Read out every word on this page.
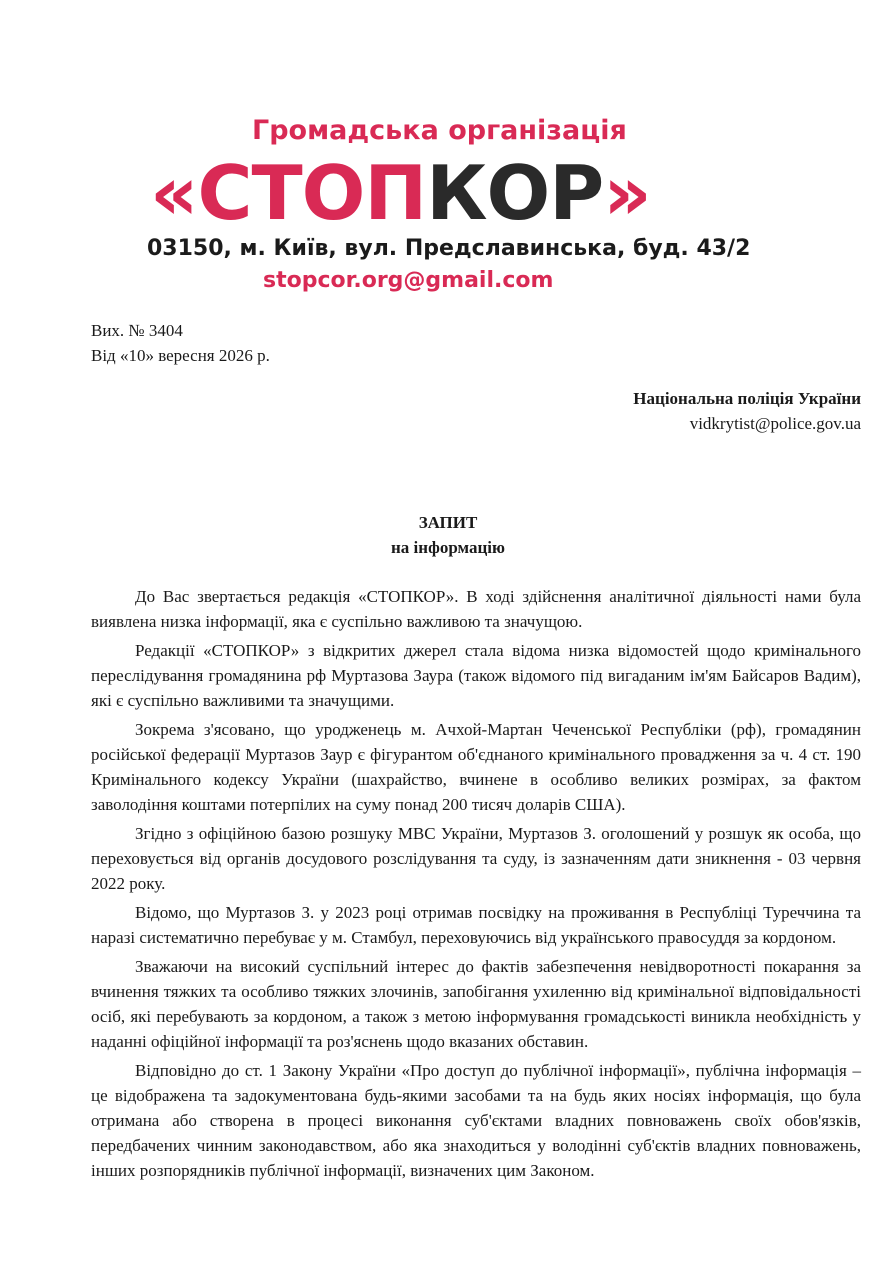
Громадська організація
«СТОПКОР»
03150, м. Київ, вул. Предславинська, буд. 43/2
stopcor.org@gmail.com
Вих. № 3404
Від «10» вересня 2026 р.
Національна поліція України
vidkrytist@police.gov.ua
ЗАПИТ
на інформацію

До Вас звертається редакція «СТОПКОР». В ході здійснення аналітичної діяльності нами була виявлена низка інформації, яка є суспільно важливою та значущою.

Редакції «СТОПКОР» з відкритих джерел стала відома низка відомостей щодо кримінального переслідування громадянина рф Муртазова Заура (також відомого під вигаданим ім'ям Байсаров Вадим), які є суспільно важливими та значущими.

Зокрема з'ясовано, що уродженець м. Ачхой-Мартан Чеченської Республіки (рф), громадянин російської федерації Муртазов Заур є фігурантом об'єднаного кримінального провадження за ч. 4 ст. 190 Кримінального кодексу України (шахрайство, вчинене в особливо великих розмірах, за фактом заволодіння коштами потерпілих на суму понад 200 тисяч доларів США).

Згідно з офіційною базою розшуку МВС України, Муртазов З. оголошений у розшук як особа, що переховується від органів досудового розслідування та суду, із зазначенням дати зникнення - 03 червня 2022 року.

Відомо, що Муртазов З. у 2023 році отримав посвідку на проживання в Республіці Туреччина та наразі систематично перебуває у м. Стамбул, переховуючись від українського правосуддя за кордоном.

Зважаючи на високий суспільний інтерес до фактів забезпечення невідворотності покарання за вчинення тяжких та особливо тяжких злочинів, запобігання ухиленню від кримінальної відповідальності осіб, які перебувають за кордоном, а також з метою інформування громадськості виникла необхідність у наданні офіційної інформації та роз'яснень щодо вказаних обставин.

Відповідно до ст. 1 Закону України «Про доступ до публічної інформації», публічна інформація – це відображена та задокументована будь-якими засобами та на будь яких носіях інформація, що була отримана або створена в процесі виконання суб'єктами владних повноважень своїх обов'язків, передбачених чинним законодавством, або яка знаходиться у володінні суб'єктів владних повноважень, інших розпорядників публічної інформації, визначених цим Законом.
